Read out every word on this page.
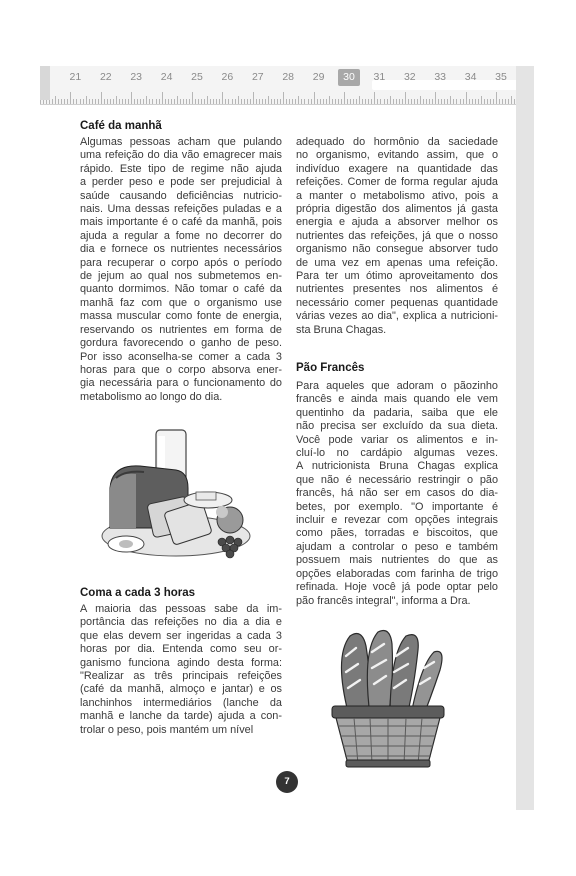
21	22	23	24	25	26	27	28	29	30	31	32	33	34	35
Café da manhã
Algumas pessoas acham que pulando
uma refeição do dia vão emagrecer mais
rápido. Este tipo de regime não ajuda
a perder peso e pode ser prejudicial à
saúde causando deficiências nutricio-
nais. Uma dessas refeições puladas e a
mais importante é o café da manhã, pois
ajuda a regular a fome no decorrer do
dia e fornece os nutrientes necessários
para recuperar o corpo após o período
de jejum ao qual nos submetemos en-
quanto dormimos. Não tomar o café da
manhã faz com que o organismo use
massa muscular como fonte de energia,
reservando os nutrientes em forma de
gordura favorecendo o ganho de peso.
Por isso aconselha-se comer a cada 3
horas para que o corpo absorva ener-
gia necessária para o funcionamento do
metabolismo ao longo do dia.
Coma a cada 3 horas
A maioria das pessoas sabe da im-
portância das refeições no dia a dia e
que elas devem ser ingeridas a cada 3
horas por dia. Entenda como seu or-
ganismo funciona agindo desta forma:
"Realizar as três principais refeições
(café da manhã, almoço e jantar) e os
lanchinhos intermediários (lanche da
manhã e lanche da tarde) ajuda a con-
trolar o peso, pois mantém um nível
adequado do hormônio da saciedade
no organismo, evitando assim, que o
indivíduo exagere na quantidade das
refeições. Comer de forma regular ajuda
a manter o metabolismo ativo, pois a
própria digestão dos alimentos já gasta
energia e ajuda a absorver melhor os
nutrientes das refeições, já que o nosso
organismo não consegue absorver tudo
de uma vez em apenas uma refeição.
Para ter um ótimo aproveitamento dos
nutrientes presentes nos alimentos é
necessário comer pequenas quantidade
várias vezes ao dia", explica a nutricioni-
sta Bruna Chagas.
Pão Francês
Para aqueles que adoram o pãozinho
francês e ainda mais quando ele vem
quentinho da padaria, saiba que ele
não precisa ser excluído da sua dieta.
Você pode variar os alimentos e in-
cluí-lo no cardápio algumas vezes.
A nutricionista Bruna Chagas explica
que não é necessário restringir o pão
francês, há não ser em casos do dia-
betes, por exemplo. "O importante é
incluir e revezar com opções integrais
como pães, torradas e biscoitos, que
ajudam a controlar o peso e também
possuem mais nutrientes do que as
opções elaboradas com farinha de trigo
refinada. Hoje você já pode optar pelo
pão francês integral", informa a Dra.
7
